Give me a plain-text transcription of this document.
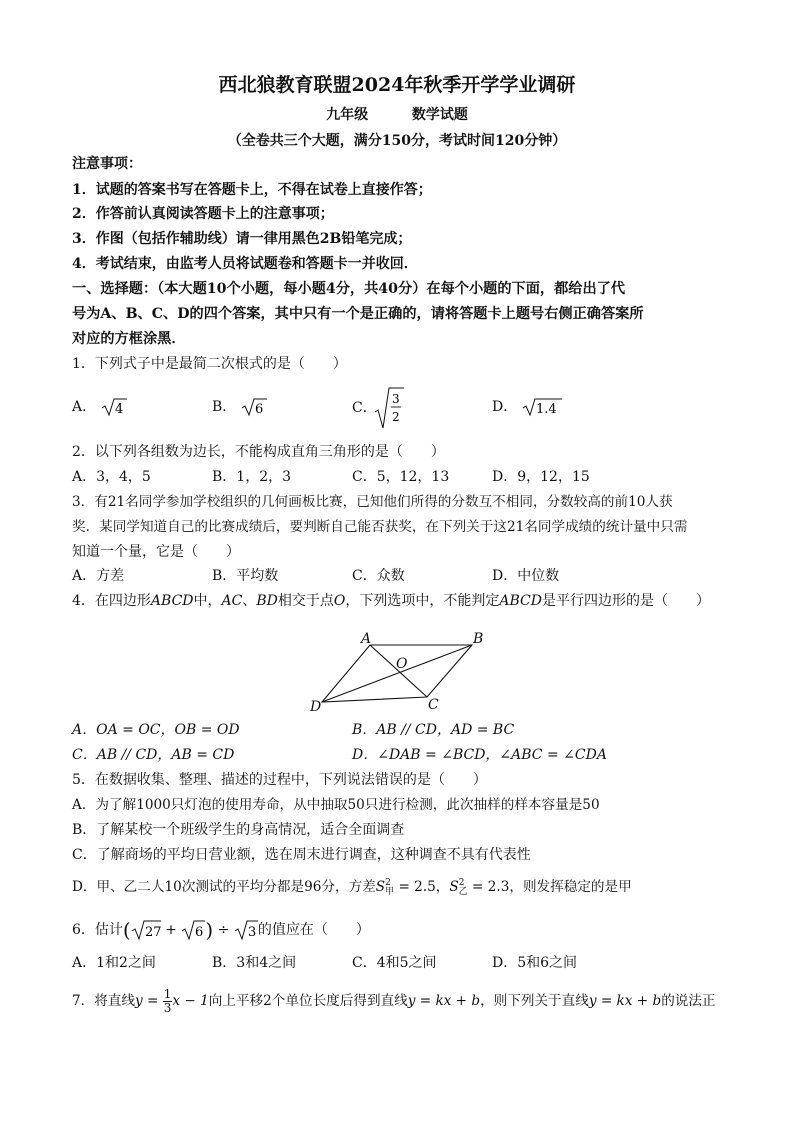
西北狼教育联盟2024年秋季开学学业调研
九年级	数学试题
（全卷共三个大题，满分150分，考试时间120分钟）
注意事项：
1．试题的答案书写在答题卡上，不得在试卷上直接作答；
2．作答前认真阅读答题卡上的注意事项；
3．作图（包括作辅助线）请一律用黑色2B铅笔完成；
4．考试结束，由监考人员将试题卷和答题卡一并收回．
一、选择题：（本大题10个小题，每小题4分，共40分）在每个小题的下面，都给出了代
号为A、B、C、D的四个答案，其中只有一个是正确的，请将答题卡上题号右侧正确答案所
对应的方框涂黑．
1．下列式子中是最简二次根式的是（　　）
A． 4	B． 6	C．
3
2
D． 1.4
2．以下列各组数为边长，不能构成直角三角形的是（　　）
A．3，4，5	B．1，2，3	C．5，12，13	D．9，12，15
3．有21名同学参加学校组织的几何画板比赛，已知他们所得的分数互不相同，分数较高的前10人获
奖．某同学知道自己的比赛成绩后，要判断自己能否获奖，在下列关于这21名同学成绩的统计量中只需
知道一个量，它是（　　）
A．方差	B．平均数	C．众数	D．中位数
4．在四边形ABCD中，AC、BD相交于点O，下列选项中，不能判定ABCD是平行四边形的是（　　）
A	B
C
D
O
A．OA = OC，OB = OD	B．AB // CD，AD = BC
C．AB // CD，AB = CD	D．∠DAB = ∠BCD，∠ABC = ∠CDA
5．在数据收集、整理、描述的过程中，下列说法错误的是（　　）
A．为了解1000只灯泡的使用寿命，从中抽取50只进行检测，此次抽样的样本容量是50
B．了解某校一个班级学生的身高情况，适合全面调查
C．了解商场的平均日营业额，选在周末进行调查，这种调查不具有代表性
D．甲、乙二人10次测试的平均分都是96分，方差S 2
甲 = 2.5，S 2
乙 = 2.3，则发挥稳定的是甲
6．估计( 27 + 6 ) ÷ 3 的值应在（　　）
A．1和2之间	B．3和4之间	C．4和5之间	D．5和6之间
7．将直线$y = \frac{1}{3}$ x − 1向上平移2个单位长度后得到直线y = kx + b，则下列关于直线y = kx + b的说法正
